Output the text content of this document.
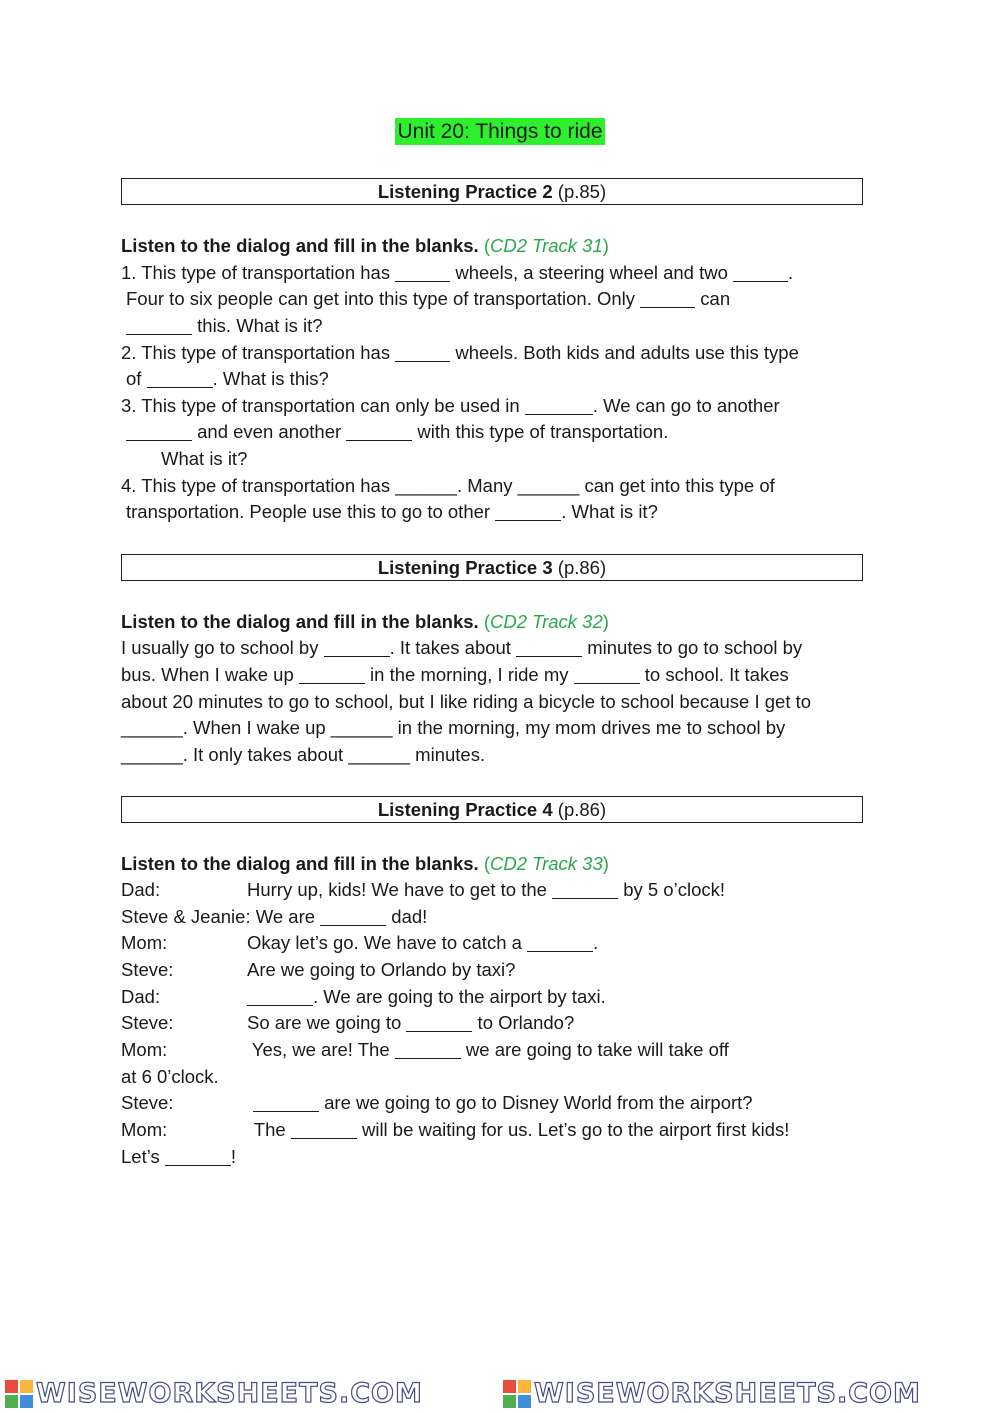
Unit 20: Things to ride
Listening Practice 2 (p.85)
Listen to the dialog and fill in the blanks. (CD2 Track 31)
1. This type of transportation has	wheels, a steering wheel and two	.
Four to six people can get into this type of transportation. Only	can
this. What is it?
2. This type of transportation has	wheels. Both kids and adults use this type
of	. What is this?
3. This type of transportation can only be used in	. We can go to another
and even another	with this type of transportation.
What is it?
4. This type of transportation has ______. Many ______ can get into this type of
transportation. People use this to go to other	. What is it?
Listening Practice 3 (p.86)
Listen to the dialog and fill in the blanks. (CD2 Track 32)
I usually go to school by	. It takes about	minutes to go to school by
bus. When I wake up	in the morning, I ride my	to school. It takes
about 20 minutes to go to school, but I like riding a bicycle to school because I get to
______. When I wake up ______ in the morning, my mom drives me to school by
______. It only takes about ______ minutes.
Listening Practice 4 (p.86)
Listen to the dialog and fill in the blanks. (CD2 Track 33)
Dad:	Hurry up, kids! We have to get to the	by 5 o’clock!
Steve & Jeanie: We are	dad!
Mom:	Okay let’s go. We have to catch a	.
Steve:	Are we going to Orlando by taxi?
Dad:	. We are going to the airport by taxi.
Steve:	So are we going to	to Orlando?
Mom:	Yes, we are! The	we are going to take will take off
at 6 0’clock.
Steve:	are we going to go to Disney World from the airport?
Mom:	The	will be waiting for us. Let’s go to the airport first kids!
Let’s	!
WISEWORKSHEETS.COM	WISEWORKSHEETS.COM
